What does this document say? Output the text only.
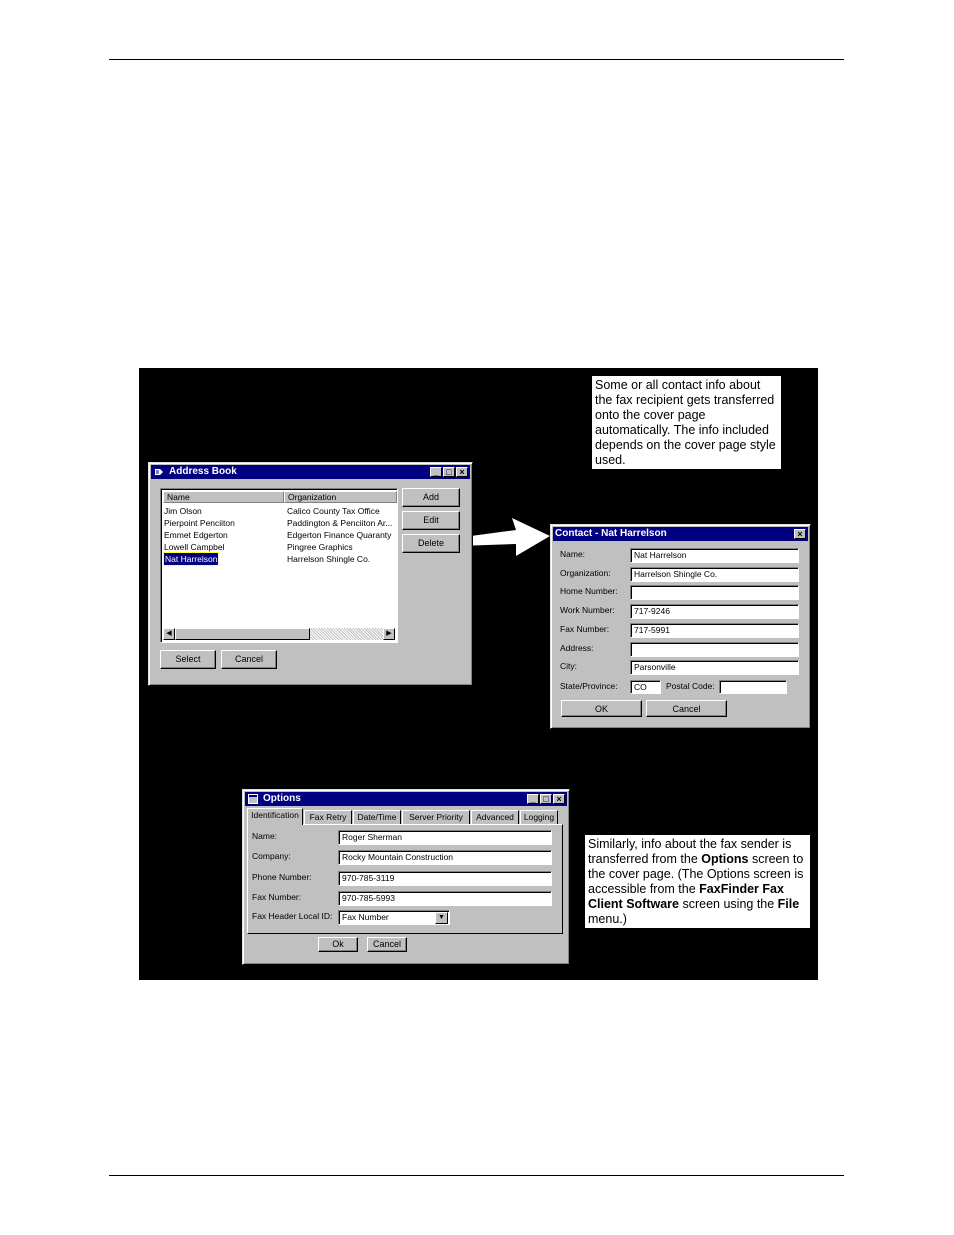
Some or all contact info about the fax recipient gets transferred onto the cover page automatically. The info included depends on the cover page style used.
Similarly, info about the fax sender is transferred from the Options screen to the cover page. (The Options screen is accessible from the FaxFinder Fax Client Software screen using the File menu.)
Address Book	_ □ ×
Name	Organization
Jim Olson	Calico County Tax Office
Pierpoint Penciiton	Paddington & Penciiton Ar...
Emmet Edgerton	Edgerton Finance Quaranty
Lowell Campbel	Pingree Graphics
Nat Harrelson	Harrelson Shingle Co.
◀	▶
Add
Edit
Delete
Select	Cancel
Contact - Nat Harrelson	×
Name:	Nat Harrelson
Organization:	Harrelson Shingle Co.
Home Number:
Work Number:	717-9246
Fax Number:	717-5991
Address:
City:	Parsonville
State/Province:	CO	Postal Code:
OK	Cancel
Options	_ □ ×
Identification	Fax Retry	Date/Time	Server Priority	Advanced	Logging
Name:	Roger Sherman
Company:	Rocky Mountain Construction
Phone Number:	970-785-3119
Fax Number:	970-785-5993
Fax Header Local ID:	Fax Number	▼
Ok	Cancel
